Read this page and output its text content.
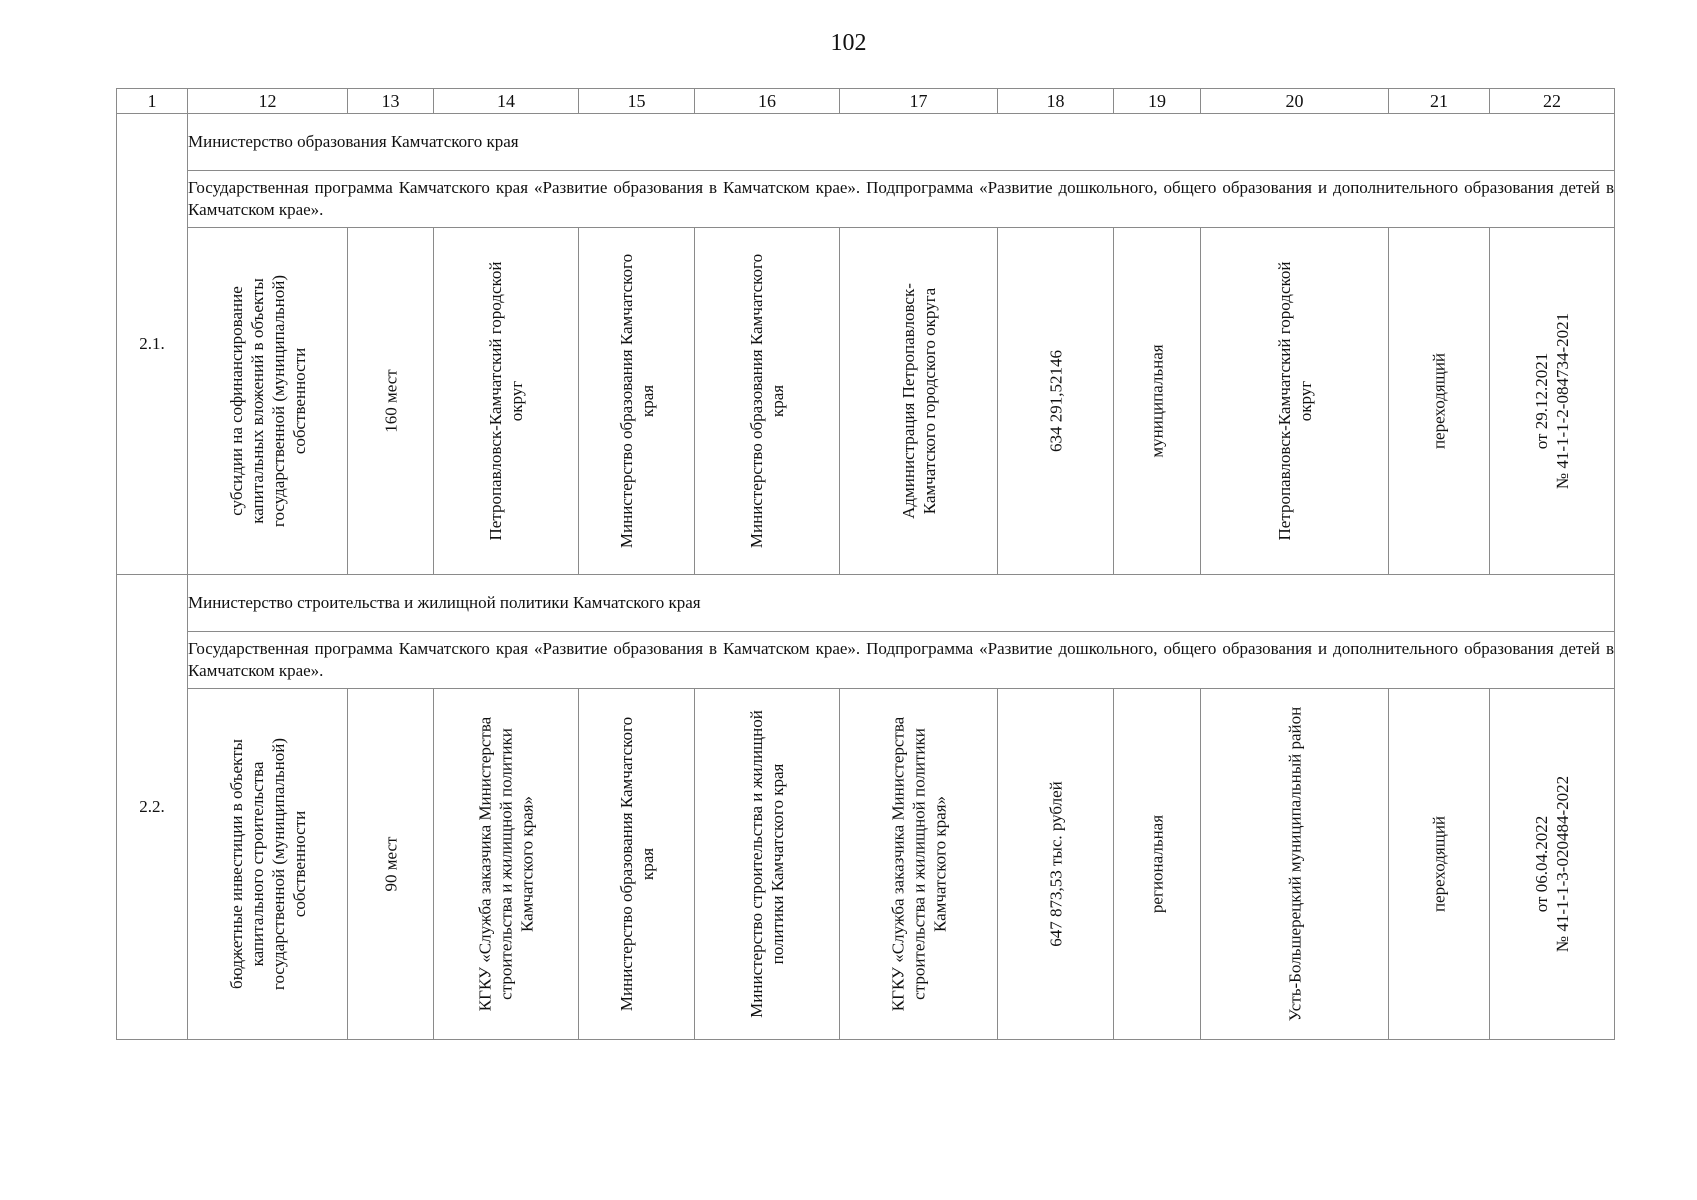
102
1	12	13	14	15	16	17	18	19	20	21	22
2.1.	Министерство образования Камчатского края										
	Государственная программа Камчатского края «Развитие образования в Камчатском крае». Подпрограмма «Развитие дошкольного, общего образования и дополнительного образования детей в Камчатском крае».										

	субсидии на софинансирование капитальных вложений в объекты государственной (муниципальной) собственности	160 мест	Петропавловск-Камчатский городской округ	Министерство образования Камчатского края	Министерство образования Камчатского края	Администрация Петропавловск-Камчатского городского округа	634 291,52146	муниципальная	Петропавловск-Камчатский городской округ	переходящий	от 29.12.2021 № 41-1-1-2-084734-2021

2.2.	Министерство строительства и жилищной политики Камчатского края										
	Государственная программа Камчатского края «Развитие образования в Камчатском крае». Подпрограмма «Развитие дошкольного, общего образования и дополнительного образования детей в Камчатском крае».										

	бюджетные инвестиции в объекты капитального строительства государственной (муниципальной) собственности	90 мест	КГКУ «Служба заказчика Министерства строительства и жилищной политики Камчатского края»	Министерство образования Камчатского края	Министерство строительства и жилищной политики Камчатского края	КГКУ «Служба заказчика Министерства строительства и жилищной политики Камчатского края»	647 873,53 тыс. рублей	региональная	Усть-Большерецкий муниципальный район	переходящий	от 06.04.2022 № 41-1-1-3-020484-2022
